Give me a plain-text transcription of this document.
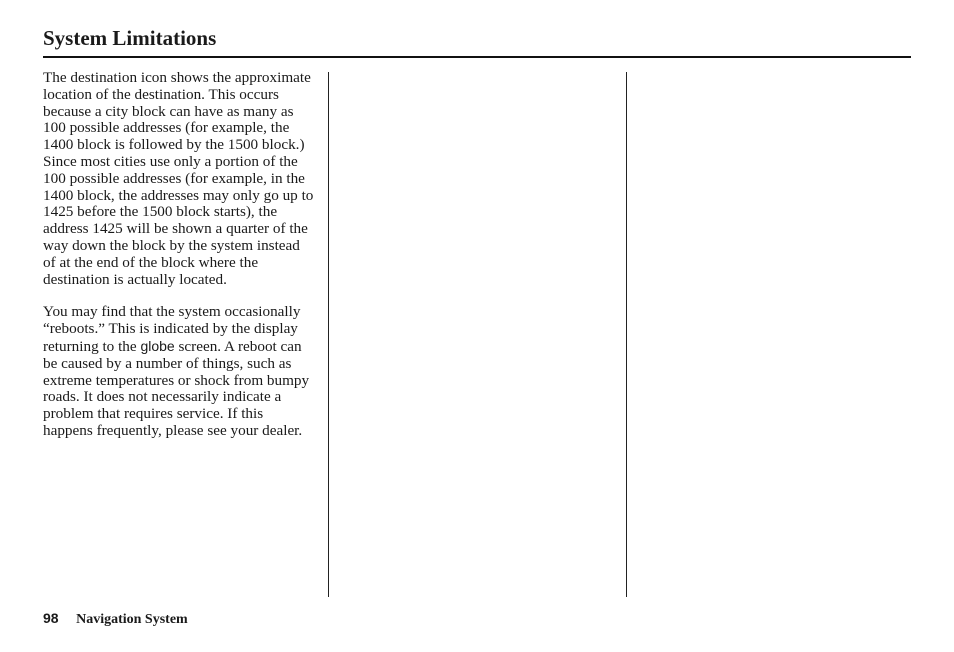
System Limitations

The destination icon shows the approximate location of the destination. This occurs because a city block can have as many as 100 possible addresses (for example, the 1400 block is followed by the 1500 block.) Since most cities use only a portion of the 100 possible addresses (for example, in the 1400 block, the addresses may only go up to 1425 before the 1500 block starts), the address 1425 will be shown a quarter of the way down the block by the system instead of at the end of the block where the destination is actually located.

You may find that the system occasionally “reboots.” This is indicated by the display returning to the globe screen. A reboot can be caused by a number of things, such as extreme temperatures or shock from bumpy roads. It does not necessarily indicate a problem that requires service. If this happens frequently, please see your dealer.

98 Navigation System
